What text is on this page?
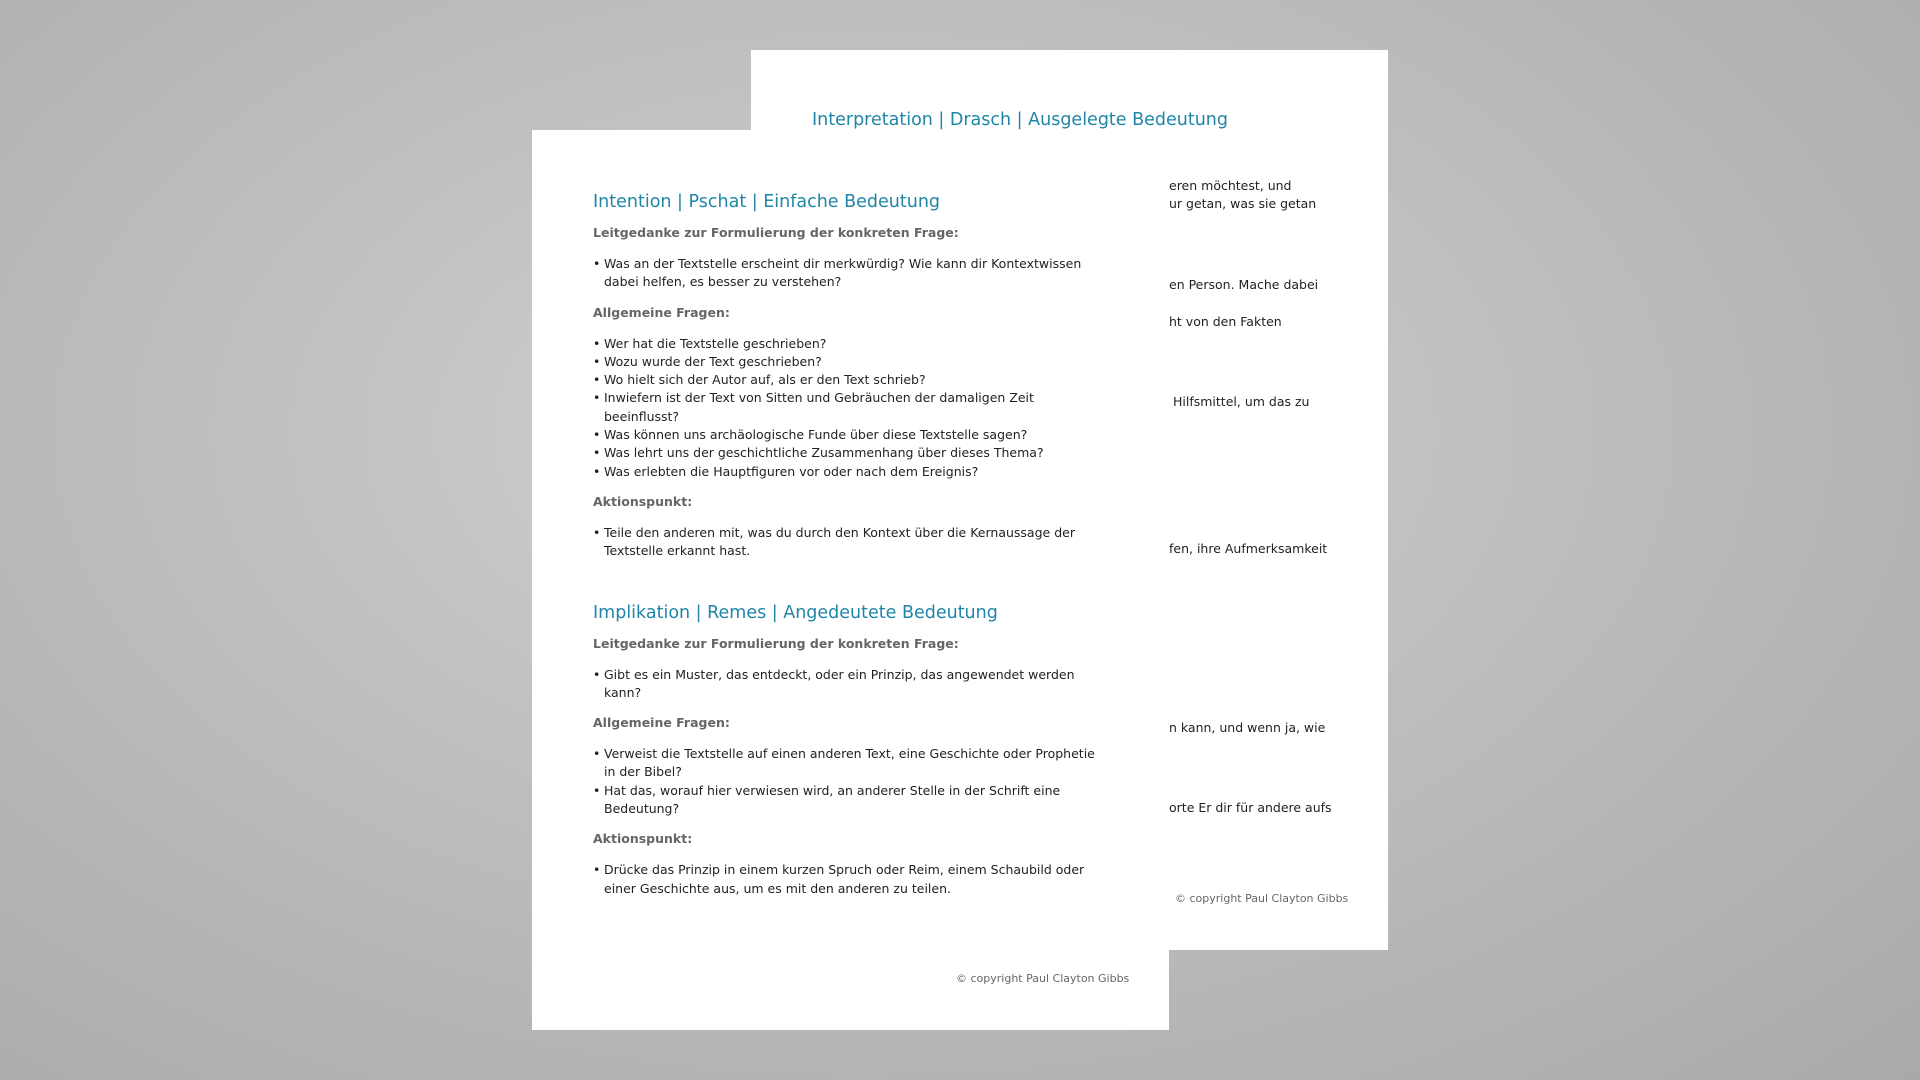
Interpretation | Drasch | Ausgelegte Bedeutung

eren möchtest, und

ur getan, was sie getan

en Person. Mache dabei

ht von den Fakten

Hilfsmittel, um das zu

fen, ihre Aufmerksamkeit

n kann, und wenn ja, wie

orte Er dir für andere aufs

© copyright Paul Clayton Gibbs

Intention | Pschat | Einfache Bedeutung

Leitgedanke zur Formulierung der konkreten Frage:

• Was an der Textstelle erscheint dir merkwürdig? Wie kann dir Kontextwissen dabei helfen, es besser zu verstehen?

Allgemeine Fragen:

• Wer hat die Textstelle geschrieben?
• Wozu wurde der Text geschrieben?
• Wo hielt sich der Autor auf, als er den Text schrieb?
• Inwiefern ist der Text von Sitten und Gebräuchen der damaligen Zeit beeinflusst?
• Was können uns archäologische Funde über diese Textstelle sagen?
• Was lehrt uns der geschichtliche Zusammenhang über dieses Thema?
• Was erlebten die Hauptfiguren vor oder nach dem Ereignis?

Aktionspunkt:

• Teile den anderen mit, was du durch den Kontext über die Kernaussage der Textstelle erkannt hast.
Implikation | Remes | Angedeutete Bedeutung

Leitgedanke zur Formulierung der konkreten Frage:

• Gibt es ein Muster, das entdeckt, oder ein Prinzip, das angewendet werden kann?

Allgemeine Fragen:

• Verweist die Textstelle auf einen anderen Text, eine Geschichte oder Prophetie in der Bibel?
• Hat das, worauf hier verwiesen wird, an anderer Stelle in der Schrift eine Bedeutung?

Aktionspunkt:

• Drücke das Prinzip in einem kurzen Spruch oder Reim, einem Schaubild oder einer Geschichte aus, um es mit den anderen zu teilen.

© copyright Paul Clayton Gibbs
